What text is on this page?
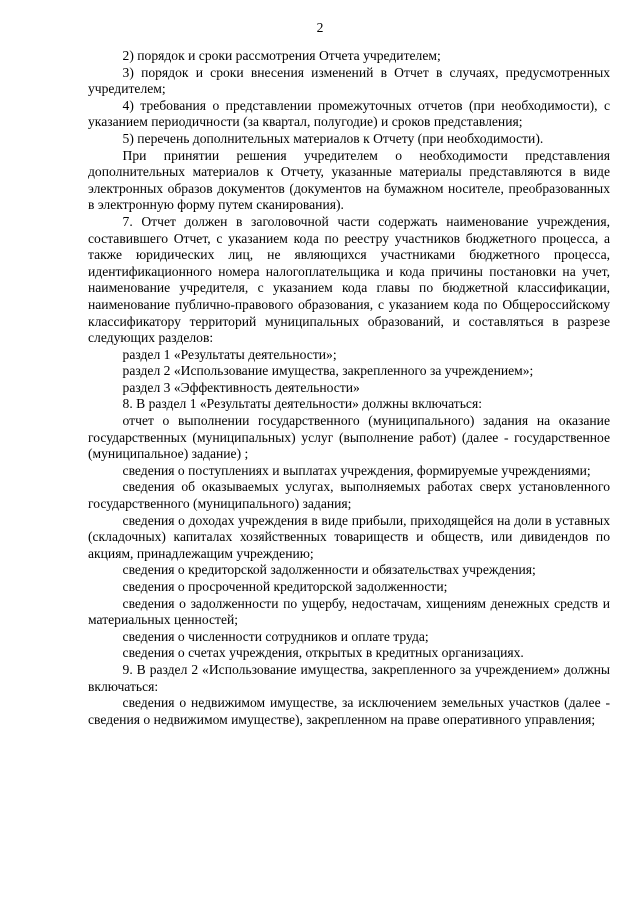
2

2) порядок и сроки рассмотрения Отчета учредителем;

3) порядок и сроки внесения изменений в Отчет в случаях, предусмотренных учредителем;

4) требования о представлении промежуточных отчетов (при необходимости), с указанием периодичности (за квартал, полугодие) и сроков представления;

5) перечень дополнительных материалов к Отчету (при необходимости).

При принятии решения учредителем о необходимости представления дополнительных материалов к Отчету, указанные материалы представляются в виде электронных образов документов (документов на бумажном носителе, преобразованных в электронную форму путем сканирования).

7. Отчет должен в заголовочной части содержать наименование учреждения, составившего Отчет, с указанием кода по реестру участников бюджетного процесса, а также юридических лиц, не являющихся участниками бюджетного процесса, идентификационного номера налогоплательщика и кода причины постановки на учет, наименование учредителя, с указанием кода главы по бюджетной классификации, наименование публично-правового образования, с указанием кода по Общероссийскому классификатору территорий муниципальных образований, и составляться в разрезе следующих разделов:

раздел 1 «Результаты деятельности»;

раздел 2 «Использование имущества, закрепленного за учреждением»;

раздел 3 «Эффективность деятельности»

8. В раздел 1 «Результаты деятельности» должны включаться:

отчет о выполнении государственного (муниципального) задания на оказание государственных (муниципальных) услуг (выполнение работ) (далее - государственное (муниципальное) задание) ;

сведения о поступлениях и выплатах учреждения, формируемые учреждениями;

сведения об оказываемых услугах, выполняемых работах сверх установленного государственного (муниципального) задания;

сведения о доходах учреждения в виде прибыли, приходящейся на доли в уставных (складочных) капиталах хозяйственных товариществ и обществ, или дивидендов по акциям, принадлежащим учреждению;

сведения о кредиторской задолженности и обязательствах учреждения;

сведения о просроченной кредиторской задолженности;

сведения о задолженности по ущербу, недостачам, хищениям денежных средств и материальных ценностей;

сведения о численности сотрудников и оплате труда;

сведения о счетах учреждения, открытых в кредитных организациях.

9. В раздел 2 «Использование имущества, закрепленного за учреждением» должны включаться:

сведения о недвижимом имуществе, за исключением земельных участков (далее - сведения о недвижимом имуществе), закрепленном на праве оперативного управления;
